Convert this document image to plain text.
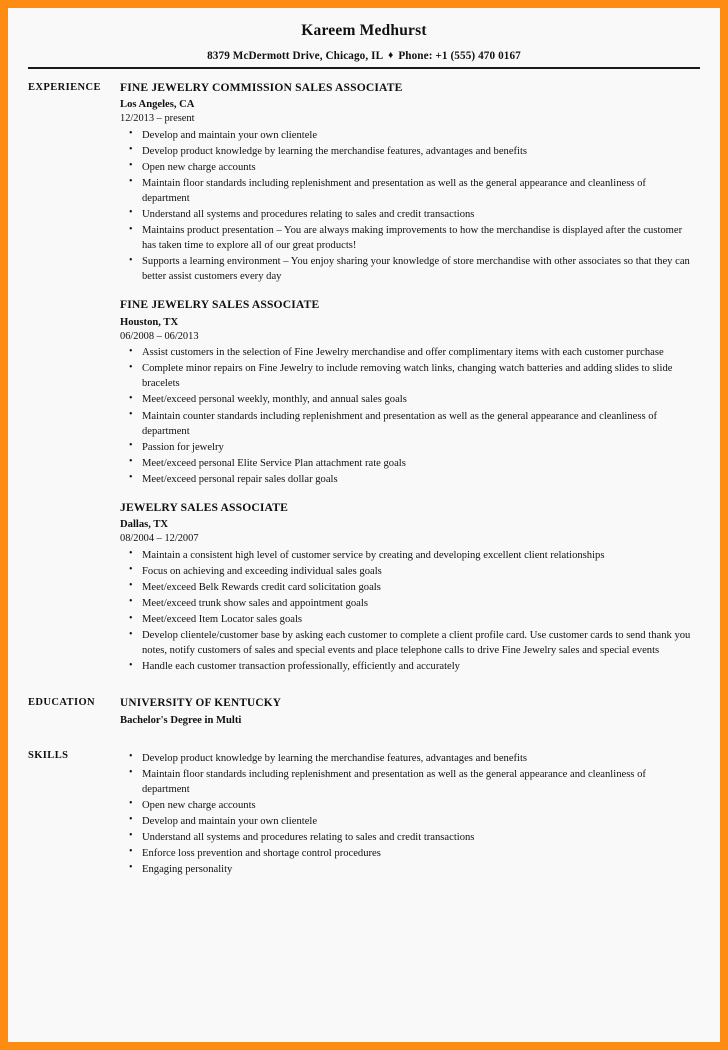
Kareem Medhurst
8379 McDermott Drive, Chicago, IL ♦ Phone: +1 (555) 470 0167
EXPERIENCE	FINE JEWELRY COMMISSION SALES ASSOCIATE
Los Angeles, CA
12/2013 – present
• Develop and maintain your own clientele
• Develop product knowledge by learning the merchandise features, advantages and benefits
• Open new charge accounts
• Maintain floor standards including replenishment and presentation as well as the general appearance and cleanliness of department
• Understand all systems and procedures relating to sales and credit transactions
• Maintains product presentation – You are always making improvements to how the merchandise is displayed after the customer has taken time to explore all of our great products!
• Supports a learning environment – You enjoy sharing your knowledge of store merchandise with other associates so that they can better assist customers every day
FINE JEWELRY SALES ASSOCIATE
Houston, TX
06/2008 – 06/2013
• Assist customers in the selection of Fine Jewelry merchandise and offer complimentary items with each customer purchase
• Complete minor repairs on Fine Jewelry to include removing watch links, changing watch batteries and adding slides to slide bracelets
• Meet/exceed personal weekly, monthly, and annual sales goals
• Maintain counter standards including replenishment and presentation as well as the general appearance and cleanliness of department
• Passion for jewelry
• Meet/exceed personal Elite Service Plan attachment rate goals
• Meet/exceed personal repair sales dollar goals
JEWELRY SALES ASSOCIATE
Dallas, TX
08/2004 – 12/2007
• Maintain a consistent high level of customer service by creating and developing excellent client relationships
• Focus on achieving and exceeding individual sales goals
• Meet/exceed Belk Rewards credit card solicitation goals
• Meet/exceed trunk show sales and appointment goals
• Meet/exceed Item Locator sales goals
• Develop clientele/customer base by asking each customer to complete a client profile card. Use customer cards to send thank you notes, notify customers of sales and special events and place telephone calls to drive Fine Jewelry sales and special events
• Handle each customer transaction professionally, efficiently and accurately
EDUCATION	UNIVERSITY OF KENTUCKY
Bachelor's Degree in Multi
SKILLS	• Develop product knowledge by learning the merchandise features, advantages and benefits
• Maintain floor standards including replenishment and presentation as well as the general appearance and cleanliness of department
• Open new charge accounts
• Develop and maintain your own clientele
• Understand all systems and procedures relating to sales and credit transactions
• Enforce loss prevention and shortage control procedures
• Engaging personality
